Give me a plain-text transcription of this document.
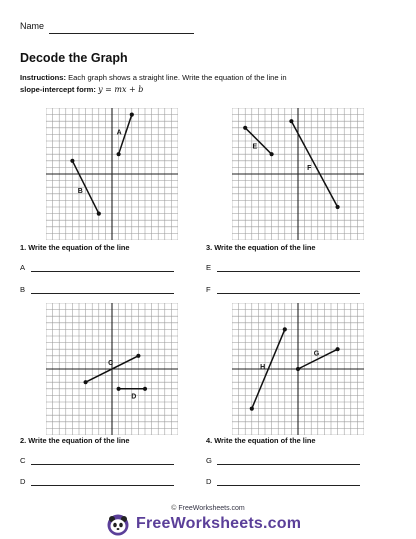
Name
Decode the Graph
Instructions: Each graph shows a straight line. Write the equation of the line in
slope-intercept form: y = mx + b
A
B
E
F
C
D
H
G
1. Write the equation of the line	3. Write the equation of the line
2. Write the equation of the line	4. Write the equation of the line
A
B
E
F
C
D
G
D
© FreeWorksheets.com
FreeWorksheets.com
